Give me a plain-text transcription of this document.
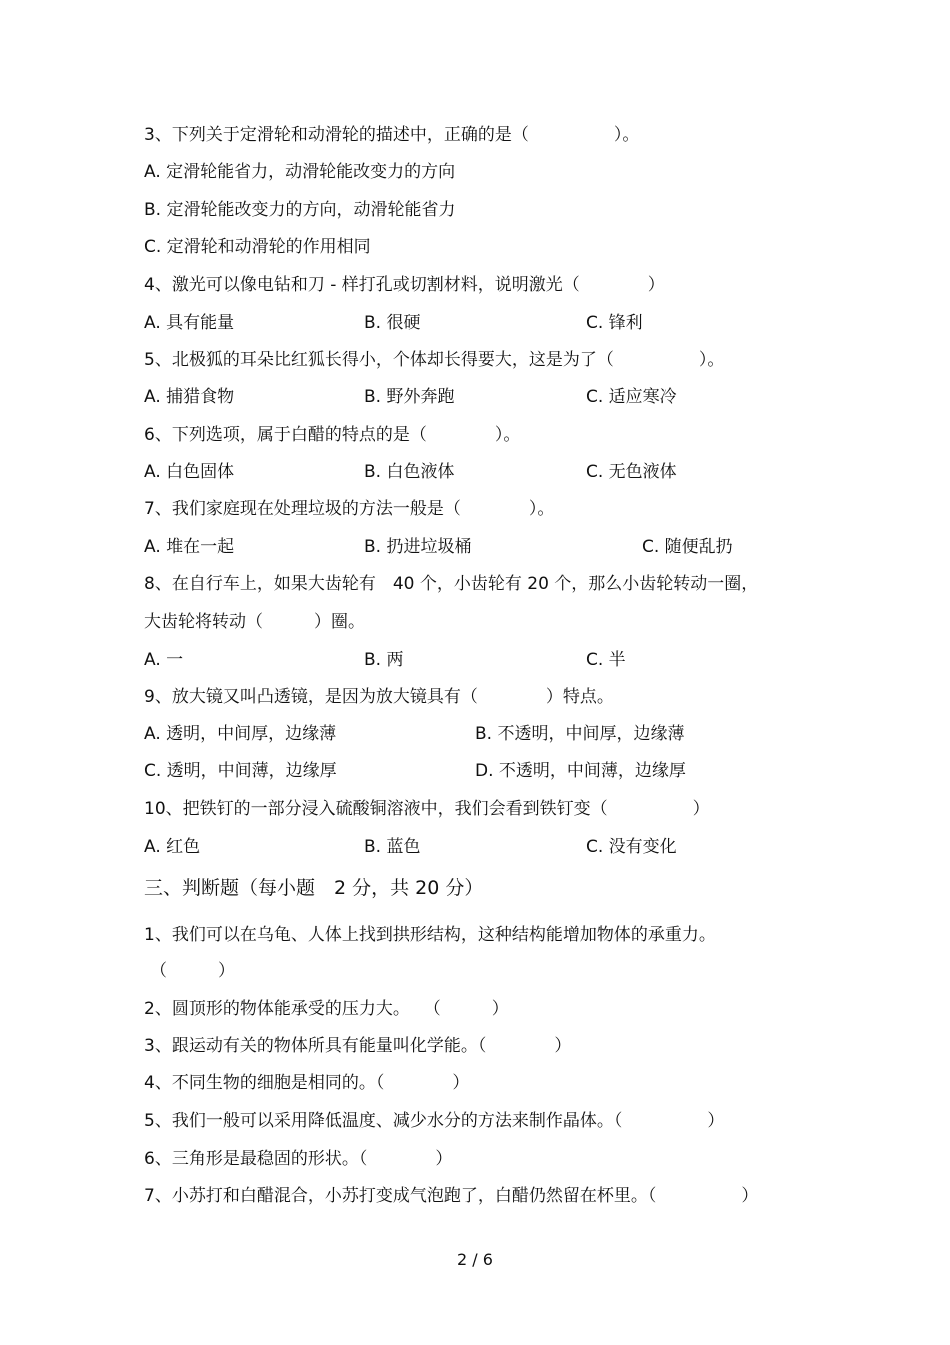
3、下列关于定滑轮和动滑轮的描述中，正确的是（　　　　　）。
A. 定滑轮能省力，动滑轮能改变力的方向
B. 定滑轮能改变力的方向，动滑轮能省力
C. 定滑轮和动滑轮的作用相同
4、激光可以像电钻和刀 - 样打孔或切割材料，说明激光（　　　　）
A. 具有能量	B. 很硬	C. 锋利
5、北极狐的耳朵比红狐长得小，个体却长得要大，这是为了（　　　　　）。
A. 捕猎食物	B. 野外奔跑	C. 适应寒冷
6、下列选项，属于白醋的特点的是（　　　　）。
A. 白色固体	B. 白色液体	C. 无色液体
7、我们家庭现在处理垃圾的方法一般是（　　　　）。
A. 堆在一起	B. 扔进垃圾桶	C. 随便乱扔
8、在自行车上，如果大齿轮有　40 个，小齿轮有 20 个，那么小齿轮转动一圈，
大齿轮将转动（　　　）圈。
A. 一	B. 两	C. 半
9、放大镜又叫凸透镜，是因为放大镜具有（　　　　）特点。
A. 透明，中间厚，边缘薄	B. 不透明，中间厚，边缘薄
C. 透明，中间薄，边缘厚	D. 不透明，中间薄，边缘厚
10、把铁钉的一部分浸入硫酸铜溶液中，我们会看到铁钉变（　　　　　）
A. 红色	B. 蓝色	C. 没有变化
三、判断题（每小题　2 分，共 20 分）
1、我们可以在乌龟、人体上找到拱形结构，这种结构能增加物体的承重力。
（　　　）
2、圆顶形的物体能承受的压力大。　 （　　　）
3、跟运动有关的物体所具有能量叫化学能。（　　　　）
4、不同生物的细胞是相同的。（　　　　）
5、我们一般可以采用降低温度、减少水分的方法来制作晶体。（　　　　　）
6、三角形是最稳固的形状。（　　　　）
7、小苏打和白醋混合，小苏打变成气泡跑了，白醋仍然留在杯里。（　　　　　）
2 / 6
